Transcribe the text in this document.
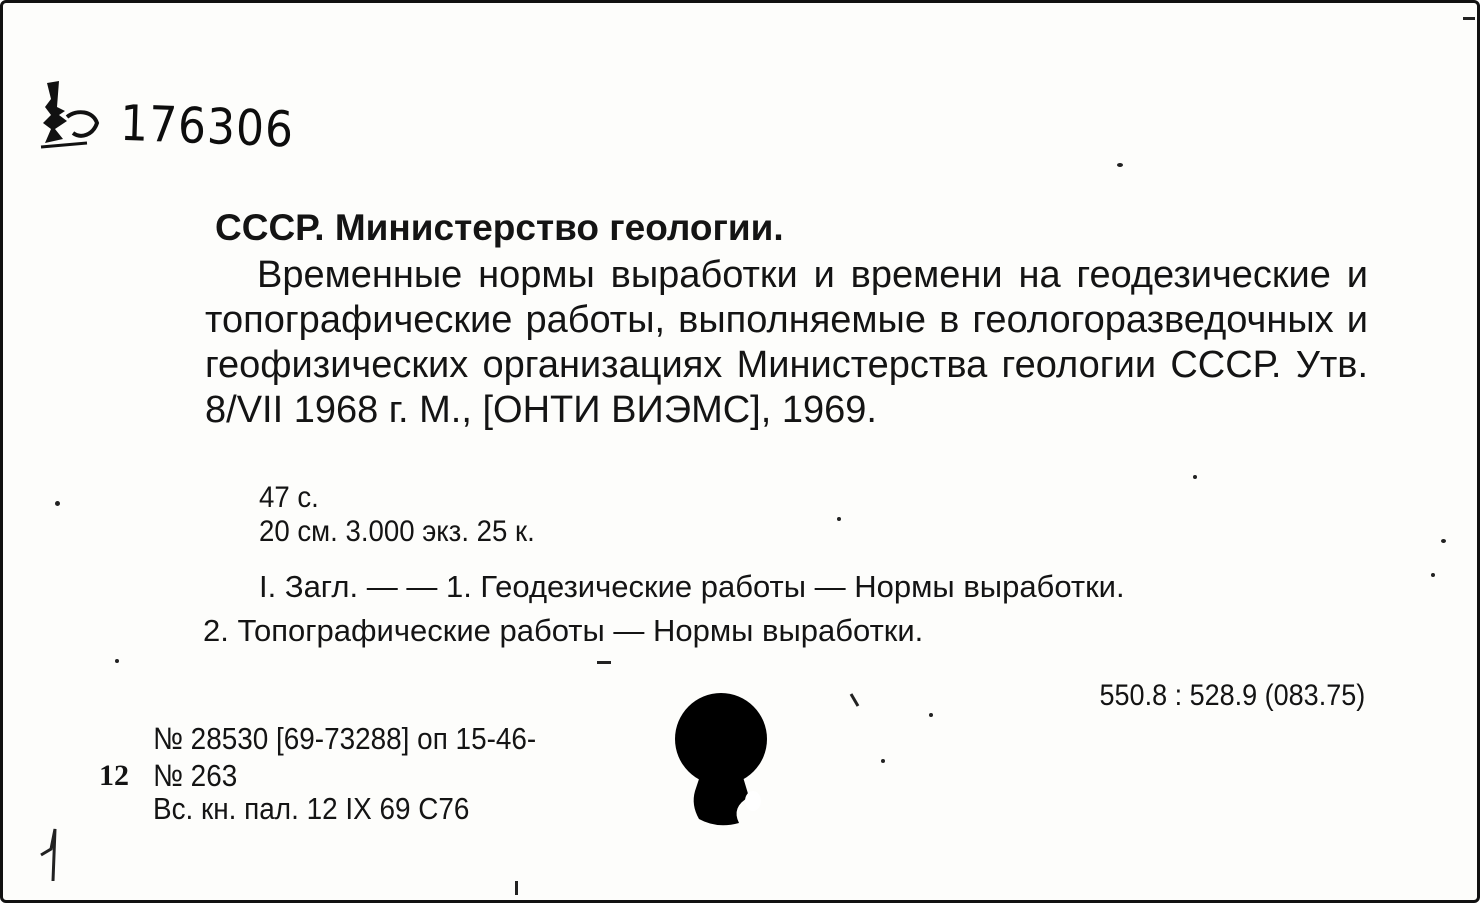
176306
СССР. Министерство геологии.
Временные нормы выработки и времени на геодезические и топографические работы, выполняемые в геологоразведочных и геофизических организациях Министерства геологии СССР. Утв. 8/VII 1968 г. М., [ОНТИ ВИЭМС], 1969.
47 с.
20 см. 3.000 экз. 25 к.
I. Загл. — — 1. Геодезические работы — Нормы выработки.
2. Топографические работы — Нормы выработки.
550.8 : 528.9 (083.75)
№ 28530 [69-73288] оп 15-46-
12 № 263
Вс. кн. пал. 12 IX 69 C76
